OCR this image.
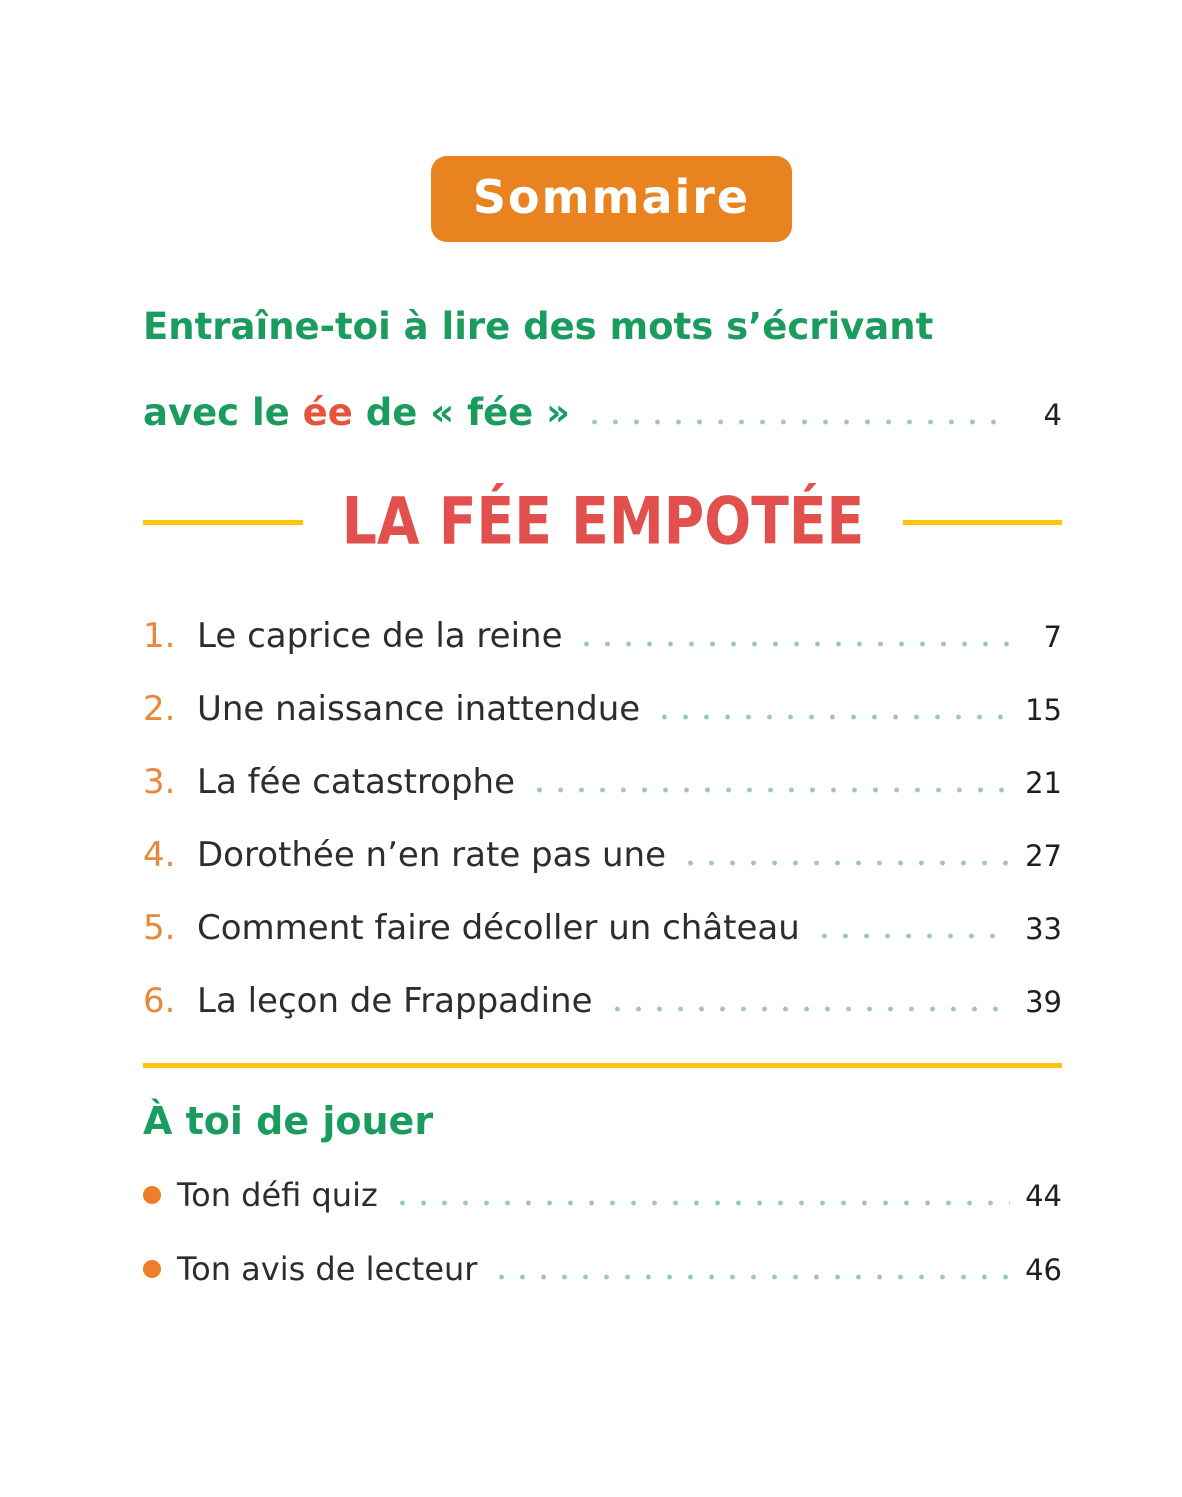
Sommaire
Entraîne-toi à lire des mots s’écrivant
avec le ée de « fée »	4
LA FÉE EMPOTÉE
1. Le caprice de la reine	7
2. Une naissance inattendue	15
3. La fée catastrophe	21
4. Dorothée n’en rate pas une	27
5. Comment faire décoller un château	33
6. La leçon de Frappadine	39
À toi de jouer
Ton défi quiz	44
Ton avis de lecteur	46
